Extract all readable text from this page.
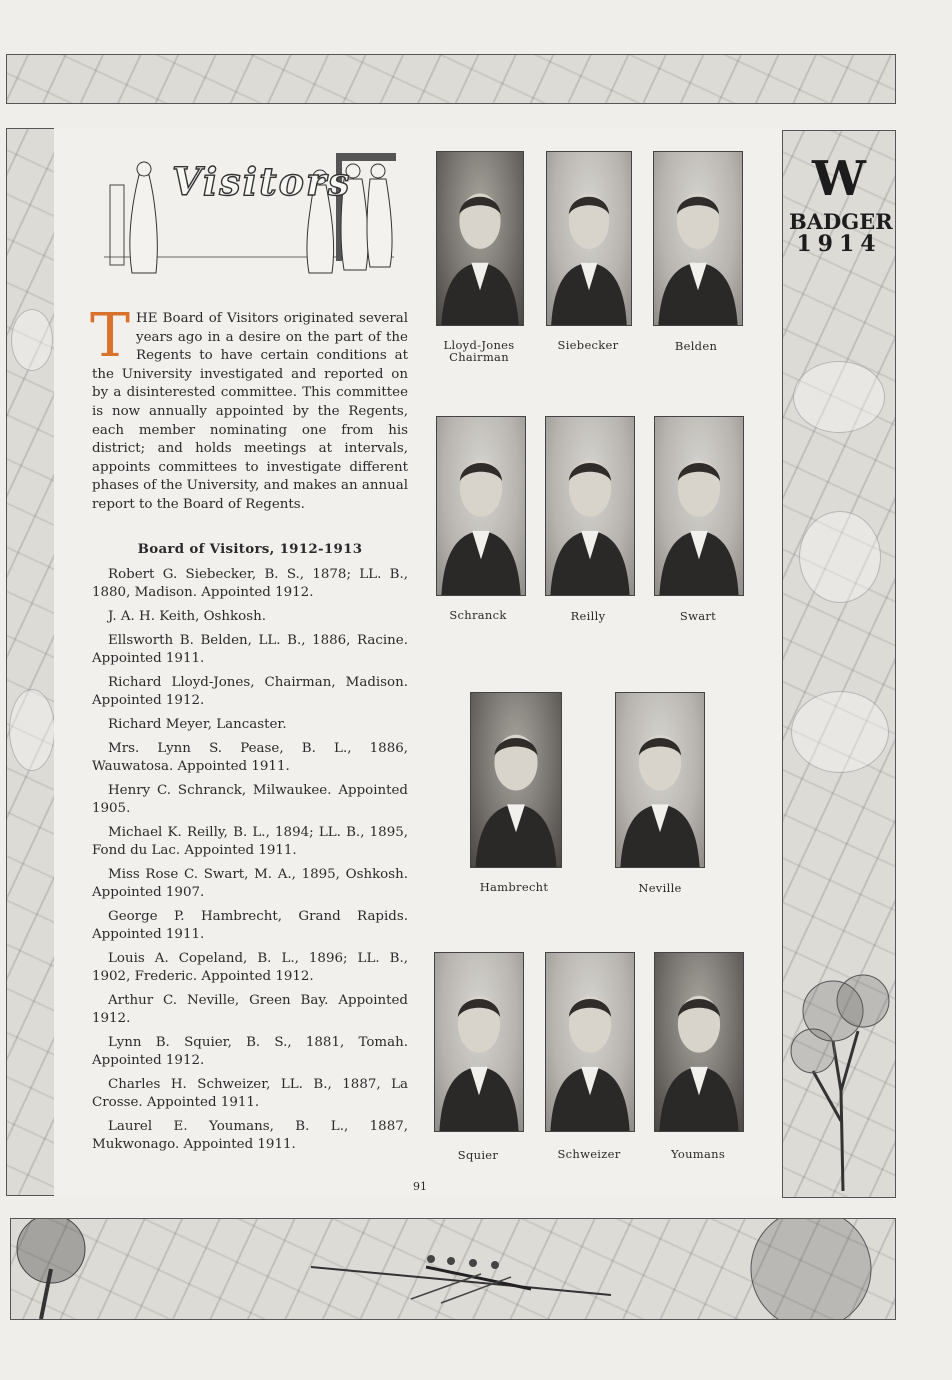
W
BADGER
1914
Visitors
THE Board of Visitors originated several years ago in a desire on the part of the Regents to have certain conditions at the University investigated and reported on by a disinterested committee. This committee is now annually appointed by the Regents, each member nominating one from his district; and holds meetings at intervals, appoints committees to investigate different phases of the University, and makes an annual report to the Board of Regents.
Board of Visitors, 1912-1913

Robert G. Siebecker, B. S., 1878; LL. B., 1880, Madison. Appointed 1912.

J. A. H. Keith, Oshkosh.

Ellsworth B. Belden, LL. B., 1886, Racine. Appointed 1911.

Richard Lloyd-Jones, Chairman, Madison. Appointed 1912.

Richard Meyer, Lancaster.

Mrs. Lynn S. Pease, B. L., 1886, Wauwatosa. Appointed 1911.

Henry C. Schranck, Milwaukee. Appointed 1905.

Michael K. Reilly, B. L., 1894; LL. B., 1895, Fond du Lac. Appointed 1911.

Miss Rose C. Swart, M. A., 1895, Oshkosh. Appointed 1907.

George P. Hambrecht, Grand Rapids. Appointed 1911.

Louis A. Copeland, B. L., 1896; LL. B., 1902, Frederic. Appointed 1912.

Arthur C. Neville, Green Bay. Appointed 1912.

Lynn B. Squier, B. S., 1881, Tomah. Appointed 1912.

Charles H. Schweizer, LL. B., 1887, La Crosse. Appointed 1911.

Laurel E. Youmans, B. L., 1887, Mukwonago. Appointed 1911.

91
Lloyd-Jones
Chairman
Siebecker	Belden
Schranck	Reilly	Swart
Hambrecht	Neville
Squier	Schweizer	Youmans
